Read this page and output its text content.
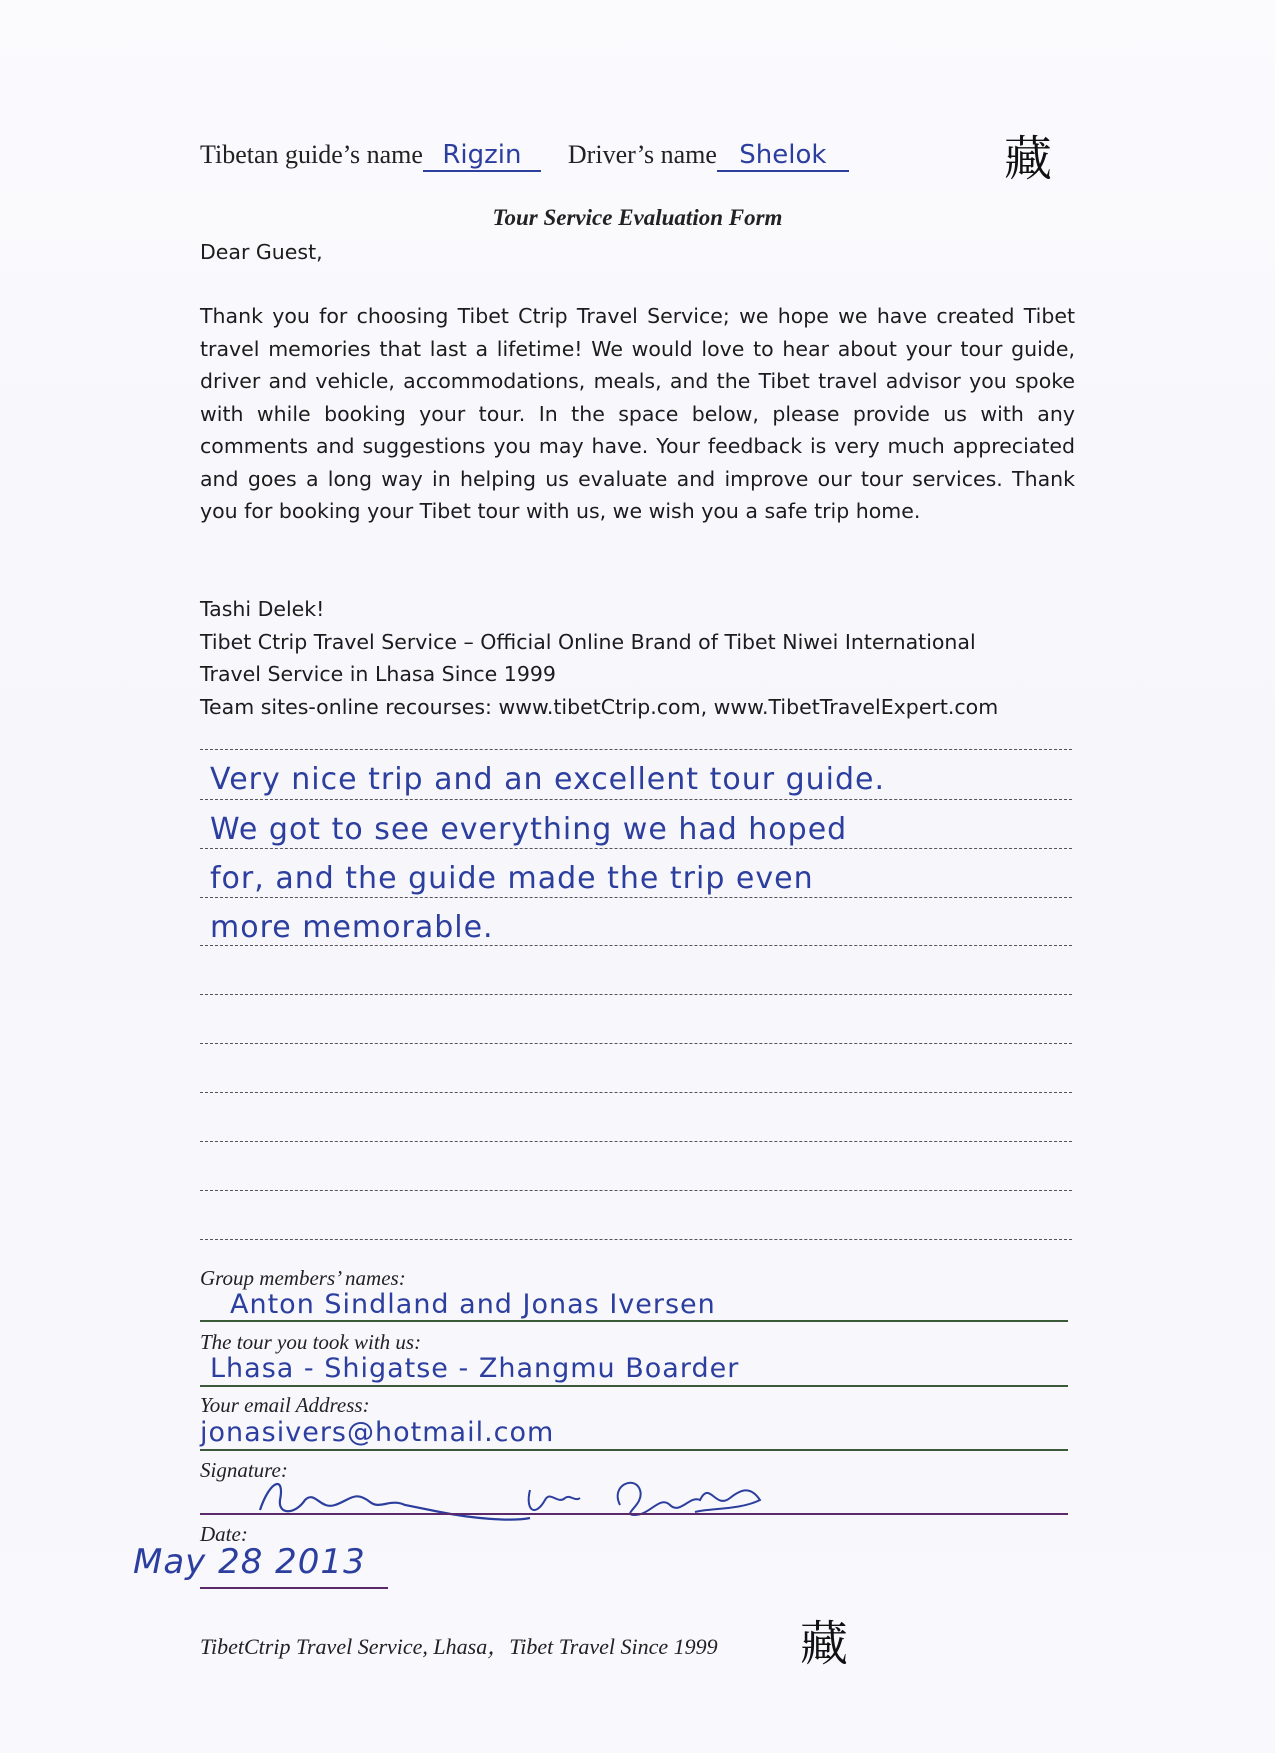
Tibetan guide’s name Rigzin Driver’s name Shelok	藏
Tour Service Evaluation Form
Dear Guest,
Thank you for choosing Tibet Ctrip Travel Service; we hope we have created Tibet travel memories that last a lifetime! We would love to hear about your tour guide, driver and vehicle, accommodations, meals, and the Tibet travel advisor you spoke with while booking your tour. In the space below, please provide us with any comments and suggestions you may have. Your feedback is very much appreciated and goes a long way in helping us evaluate and improve our tour services. Thank you for booking your Tibet tour with us, we wish you a safe trip home.
Tashi Delek!
Tibet Ctrip Travel Service – Official Online Brand of Tibet Niwei International
Travel Service in Lhasa Since 1999
Team sites-online recourses: www.tibetCtrip.com, www.TibetTravelExpert.com
Very nice trip and an excellent tour guide.
We got to see everything we had hoped
for, and the guide made the trip even
more memorable.
Group members’ names:
Anton Sindland and Jonas Iversen
The tour you took with us:
Lhasa - Shigatse - Zhangmu Boarder
Your email Address:
jonasivers@hotmail.com
Signature:
Date:
May 28 2013
TibetCtrip Travel Service, Lhasa，Tibet Travel Since 1999 藏
